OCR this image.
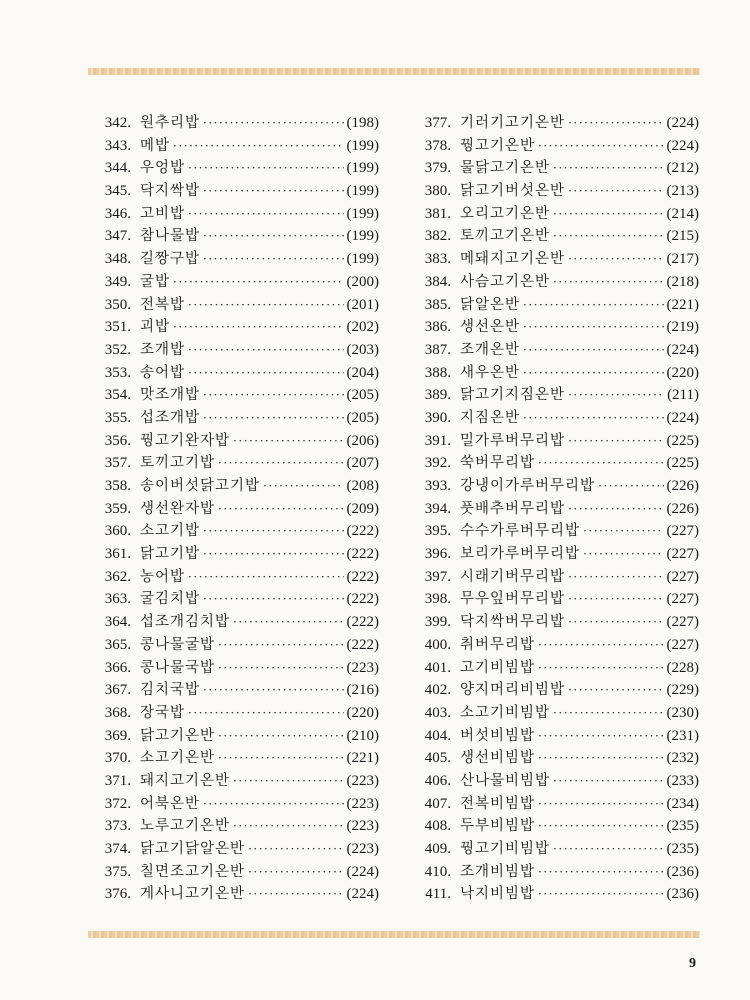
342. 원추리밥 ·····	(198)
343. 메밥 ·····	(199)
344. 우엉밥 ·····	(199)
345. 닥지싹밥 ·····	(199)
346. 고비밥 ·····	(199)
347. 참나물밥 ·····	(199)
348. 길짱구밥 ·····	(199)
349. 굴밥 ·····	(200)
350. 전복밥 ·····	(201)
351. 괴밥 ·····	(202)
352. 조개밥 ·····	(203)
353. 송어밥 ·····	(204)
354. 맛조개밥 ·····	(205)
355. 섭조개밥 ·····	(205)
356. 꿩고기완자밥 ·····	(206)
357. 토끼고기밥 ·····	(207)
358. 송이버섯닭고기밥 ·····	(208)
359. 생선완자밥 ·····	(209)
360. 소고기밥 ·····	(222)
361. 닭고기밥 ·····	(222)
362. 농어밥 ·····	(222)
363. 굴김치밥 ·····	(222)
364. 섭조개김치밥 ·····	(222)
365. 콩나물굴밥 ·····	(222)
366. 콩나물국밥 ·····	(223)
367. 김치국밥 ·····	(216)
368. 장국밥 ·····	(220)
369. 닭고기온반 ·····	(210)
370. 소고기온반 ·····	(221)
371. 돼지고기온반 ·····	(223)
372. 어북온반 ·····	(223)
373. 노루고기온반 ·····	(223)
374. 닭고기닭알온반 ·····	(223)
375. 칠면조고기온반 ·····	(224)
376. 게사니고기온반 ·····	(224)
377. 기러기고기온반 ·····	(224)
378. 꿩고기온반 ·····	(224)
379. 물닭고기온반 ·····	(212)
380. 닭고기버섯온반 ·····	(213)
381. 오리고기온반 ·····	(214)
382. 토끼고기온반 ·····	(215)
383. 메돼지고기온반 ·····	(217)
384. 사슴고기온반 ·····	(218)
385. 닭알온반 ·····	(221)
386. 생선온반 ·····	(219)
387. 조개온반 ·····	(224)
388. 새우온반 ·····	(220)
389. 닭고기지짐온반 ·····	(211)
390. 지짐온반 ·····	(224)
391. 밀가루버무리밥 ·····	(225)
392. 쑥버무리밥 ·····	(225)
393. 강냉이가루버무리밥 ·····	(226)
394. 풋배추버무리밥 ·····	(226)
395. 수수가루버무리밥 ·····	(227)
396. 보리가루버무리밥 ·····	(227)
397. 시래기버무리밥 ·····	(227)
398. 무우잎버무리밥 ·····	(227)
399. 닥지싹버무리밥 ·····	(227)
400. 취버무리밥 ·····	(227)
401. 고기비빔밥 ·····	(228)
402. 양지머리비빔밥 ·····	(229)
403. 소고기비빔밥 ·····	(230)
404. 버섯비빔밥 ·····	(231)
405. 생선비빔밥 ·····	(232)
406. 산나물비빔밥 ·····	(233)
407. 전복비빔밥 ·····	(234)
408. 두부비빔밥 ·····	(235)
409. 꿩고기비빔밥 ·····	(235)
410. 조개비빔밥 ·····	(236)
411. 낙지비빔밥 ·····	(236)
9
